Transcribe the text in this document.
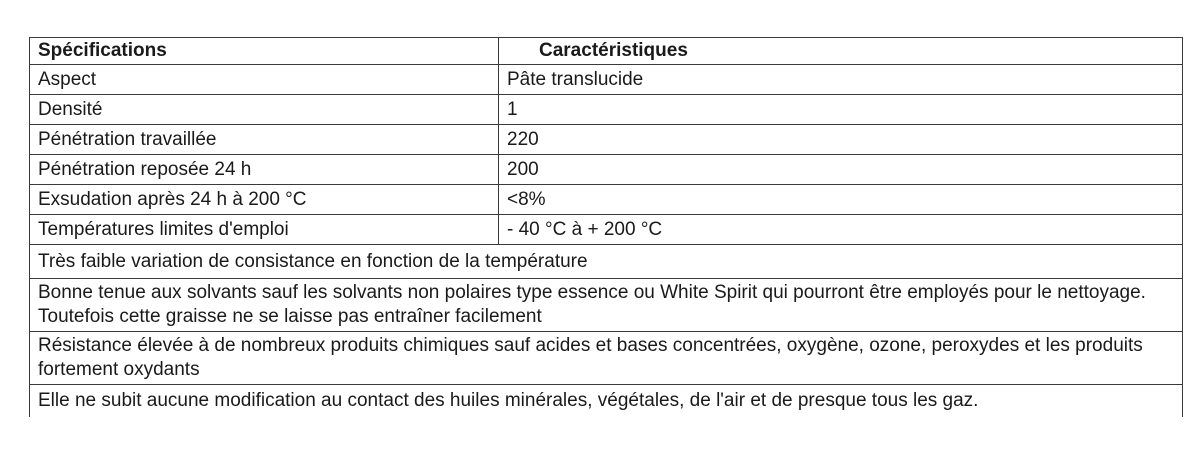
Spécifications	Caractéristiques
Aspect	Pâte translucide
Densité	1
Pénétration travaillée	220
Pénétration reposée 24 h	200
Exsudation après 24 h à 200 °C	<8%
Températures limites d'emploi	- 40 °C à + 200 °C
Très faible variation de consistance en fonction de la température	
Bonne tenue aux solvants sauf les solvants non polaires type essence ou White Spirit qui pourront être employés pour le nettoyage. Toutefois cette graisse ne se laisse pas entraîner facilement	
Résistance élevée à de nombreux produits chimiques sauf acides et bases concentrées, oxygène, ozone, peroxydes et les produits fortement oxydants	
Elle ne subit aucune modification au contact des huiles minérales, végétales, de l'air et de presque tous les gaz.	
